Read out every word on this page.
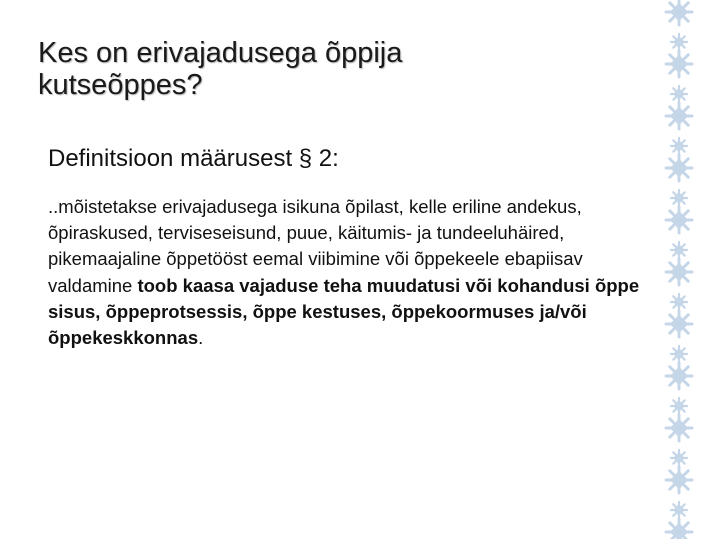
Kes on erivajadusega õppija
kutseõppes?

Definitsioon määrusest § 2:

..mõistetakse erivajadusega isikuna õpilast, kelle eriline andekus, õpiraskused, terviseseisund, puue, käitumis- ja tundeeluhäired, pikemaajaline õppetööst eemal viibimine või õppekeele ebapiisav valdamine toob kaasa vajaduse teha muudatusi või kohandusi õppe sisus, õppeprotsessis, õppe kestuses, õppekoormuses ja/või õppekeskkonnas.
